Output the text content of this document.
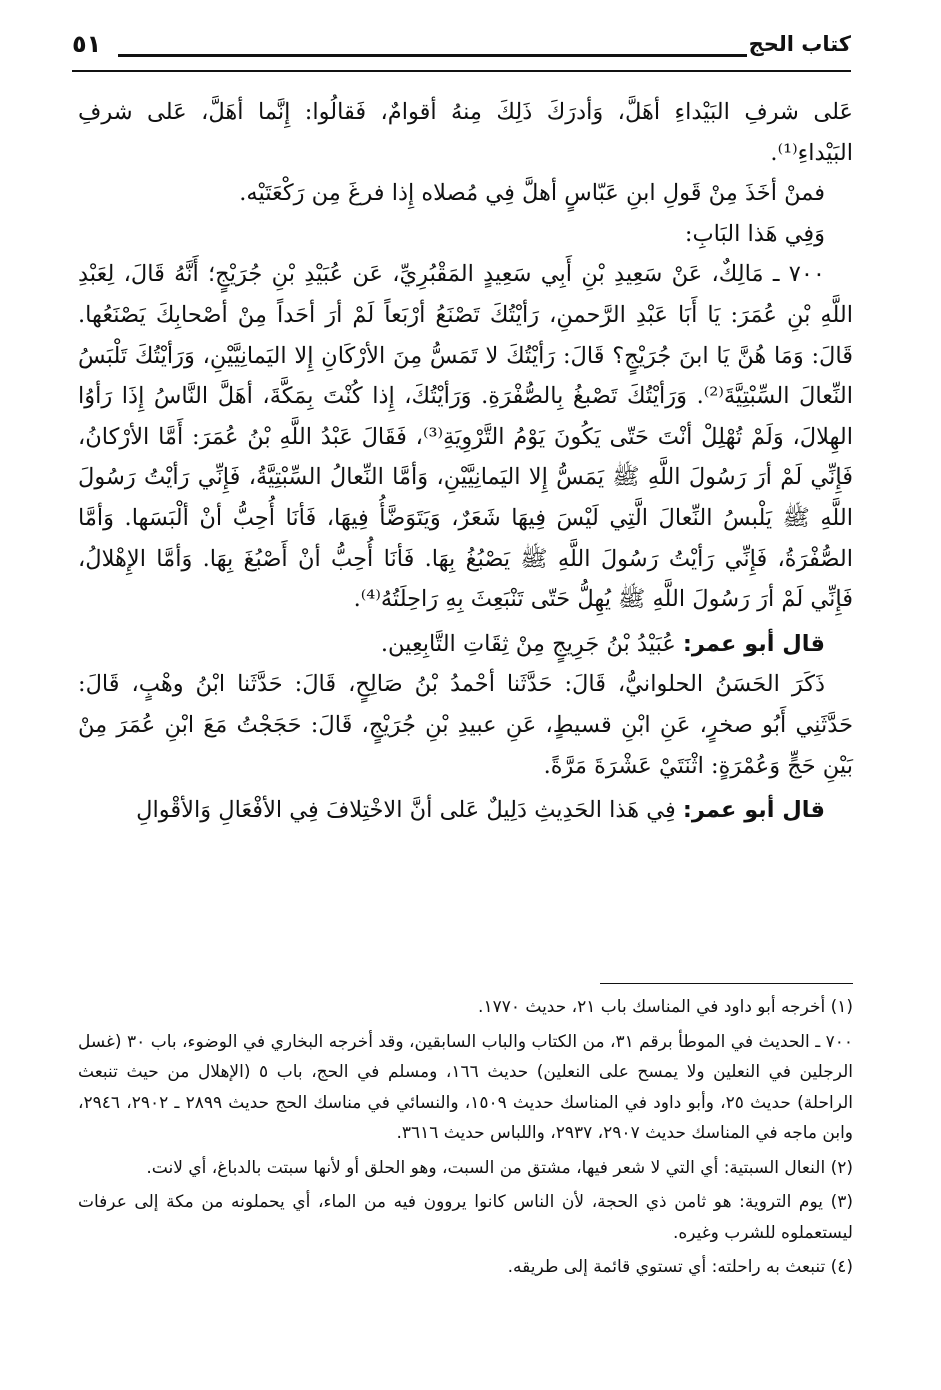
كتاب الحج
٥١

عَلى شرفِ البَيْداءِ أهَلَّ، وَأدرَكَ ذَلِكَ مِنهُ أقوامٌ، فَقالُوا: إِنَّما أهَلَّ، عَلى شرفِ البَيْداءِ⁽¹⁾.

فمنْ أخَذَ مِنْ قَولِ ابنِ عَبّاسٍ أهلَّ فِي مُصلاه إِذا فرغَ مِن رَكْعَتَيْه.

وَفِي هَذا البَابِ:

٧٠٠ ـ مَالِكٌ، عَنْ سَعِيدِ بْنِ أَبِي سَعِيدٍ المَقْبُرِيِّ، عَن عُبَيْدِ بْنِ جُرَيْجٍ؛ أَنَّهُ قَالَ، لِعَبْدِ اللَّهِ بْنِ عُمَرَ: يَا أَبَا عَبْدِ الرَّحمنِ، رَأيْتُكَ تَصْنَعُ أرْبَعاً لَمْ أرَ أحَداً مِنْ أصْحابِكَ يَصْنَعُها. قَالَ: وَمَا هُنَّ يَا ابنَ جُرَيْجٍ؟ قَالَ: رَأيْتُكَ لا تَمَسُّ مِنَ الأرْكَانِ إِلا اليَمانِيَّيْنِ، وَرَأيْتُكَ تَلْبَسُ النِّعالَ السِّبْتِيَّةَ⁽²⁾. وَرَأيْتُكَ تَصْبغُ بِالصُّفْرَةِ. وَرَأيْتُكَ، إِذا كُنْتَ بِمَكَّةَ، أهَلَّ النَّاسُ إِذَا رَأوُا الهِلالَ، وَلَمْ تُهْلِلْ أنْتَ حَتّى يَكُونَ يَوْمُ التَّرْوِيَةِ⁽³⁾، فَقَالَ عَبْدُ اللَّهِ بْنُ عُمَرَ: أَمَّا الأرْكانُ، فَإِنِّي لَمْ أرَ رَسُولَ اللَّهِ ﷺ يَمَسُّ إِلا اليَمانِيَّيْنِ، وَأمَّا النِّعالُ السِّبْتِيَّةُ، فَإِنِّي رَأيْتُ رَسُولَ اللَّهِ ﷺ يَلْبسُ النِّعالَ الَّتِي لَيْسَ فِيهَا شَعَرٌ، وَيَتَوَضَّأُ فِيهَا، فَأنَا أُحِبُّ أنْ ألْبَسَها. وَأمَّا الصُّفْرَةُ، فَإِنِّي رَأيْتُ رَسُولَ اللَّهِ ﷺ يَصْبُغُ بِهَا. فَأنَا أُحِبُّ أنْ أَصْبُغَ بِهَا. وَأمَّا الإِهْلالُ، فَإِنِّي لَمْ أرَ رَسُولَ اللَّهِ ﷺ يُهِلُّ حَتّى تَنْبَعِثَ بِهِ رَاحِلَتُهُ⁽⁴⁾.

قال أبو عمر: عُبَيْدُ بْنُ جَرِيجٍ مِنْ ثِقَاتِ التَّابِعِين.

ذَكَرَ الحَسَنُ الحلوانيُّ، قَالَ: حَدَّثَنا أحْمدُ بْنُ صَالِحٍ، قَالَ: حَدَّثَنا ابْنُ وهْبٍ، قَالَ: حَدَّثَنِي أَبُو صخرٍ، عَنِ ابْنِ قسيطٍ، عَنِ عبيدِ بْنِ جُرَيْجٍ، قَالَ: حَجَجْتُ مَعَ ابْنِ عُمَرَ مِنْ بَيْنِ حَجٍّ وَعُمْرَةٍ: اثْنَتَيْ عَشْرَةَ مَرَّةً.

قال أبو عمر: فِي هَذا الحَدِيثِ دَلِيلٌ عَلى أنَّ الاخْتِلافَ فِي الأفْعَالِ وَالأقْوالِ

(١) أخرجه أبو داود في المناسك باب ٢١، حديث ١٧٧٠.

٧٠٠ ـ الحديث في الموطأ برقم ٣١، من الكتاب والباب السابقين، وقد أخرجه البخاري في الوضوء، باب ٣٠ (غسل الرجلين في النعلين ولا يمسح على النعلين) حديث ١٦٦، ومسلم في الحج، باب ٥ (الإهلال من حيث تنبعث الراحلة) حديث ٢٥، وأبو داود في المناسك حديث ١٥٠٩، والنسائي في مناسك الحج حديث ٢٨٩٩ ـ ٢٩٠٢، ٢٩٤٦، وابن ماجه في المناسك حديث ٢٩٠٧، ٢٩٣٧، واللباس حديث ٣٦١٦.

(٢) النعال السبتية: أي التي لا شعر فيها، مشتق من السبت، وهو الحلق أو لأنها سبتت بالدباغ، أي لانت.

(٣) يوم التروية: هو ثامن ذي الحجة، لأن الناس كانوا يروون فيه من الماء، أي يحملونه من مكة إلى عرفات ليستعملوه للشرب وغيره.

(٤) تنبعث به راحلته: أي تستوي قائمة إلى طريقه.
